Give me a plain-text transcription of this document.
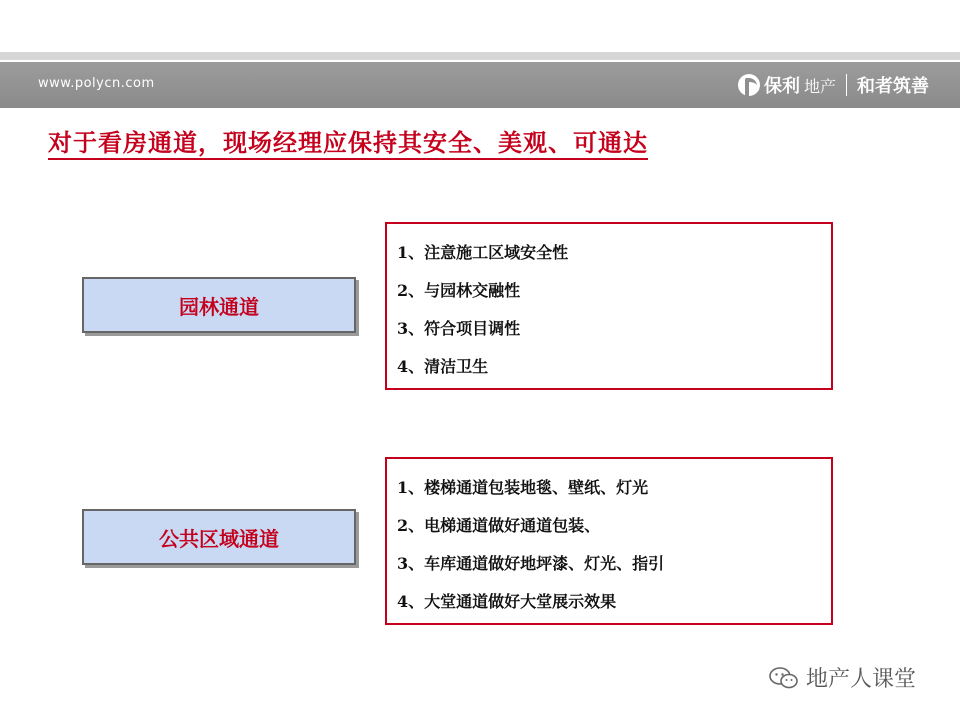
www.polycn.com	保利 地产 和者筑善
对于看房通道，现场经理应保持其安全、美观、可通达
园林通道
1、注意施工区域安全性
2、与园林交融性
3、符合项目调性
4、清洁卫生
公共区域通道
1、楼梯通道包装地毯、壁纸、灯光
2、电梯通道做好通道包装、
3、车库通道做好地坪漆、灯光、指引
4、大堂通道做好大堂展示效果
地产人课堂
